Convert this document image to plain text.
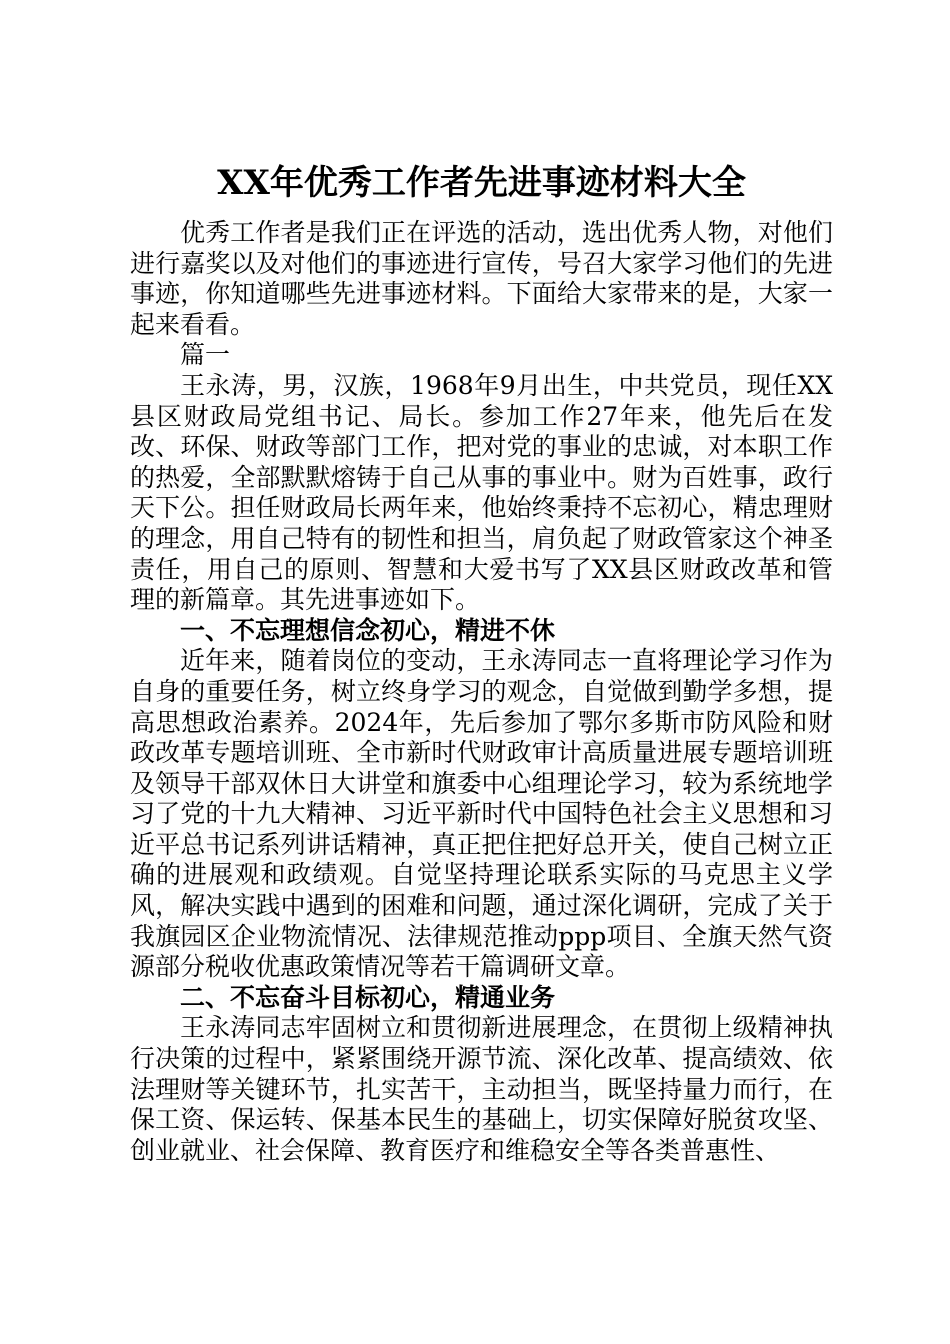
XX年优秀工作者先进事迹材料大全

优秀工作者是我们正在评选的活动，选出优秀人物，对他们进行嘉奖以及对他们的事迹进行宣传，号召大家学习他们的先进事迹，你知道哪些先进事迹材料。下面给大家带来的是，大家一起来看看。

篇一

王永涛，男，汉族，1968年9月出生，中共党员，现任XX县区财政局党组书记、局长。参加工作27年来，他先后在发改、环保、财政等部门工作，把对党的事业的忠诚，对本职工作的热爱，全部默默熔铸于自己从事的事业中。财为百姓事，政行天下公。担任财政局长两年来，他始终秉持不忘初心，精忠理财的理念，用自己特有的韧性和担当，肩负起了财政管家这个神圣责任，用自己的原则、智慧和大爱书写了XX县区财政改革和管理的新篇章。其先进事迹如下。

一、不忘理想信念初心，精进不休

近年来，随着岗位的变动，王永涛同志一直将理论学习作为自身的重要任务，树立终身学习的观念，自觉做到勤学多想，提高思想政治素养。2024年，先后参加了鄂尔多斯市防风险和财政改革专题培训班、全市新时代财政审计高质量进展专题培训班及领导干部双休日大讲堂和旗委中心组理论学习，较为系统地学习了党的十九大精神、习近平新时代中国特色社会主义思想和习近平总书记系列讲话精神，真正把住把好总开关，使自己树立正确的进展观和政绩观。自觉坚持理论联系实际的马克思主义学风，解决实践中遇到的困难和问题，通过深化调研，完成了关于我旗园区企业物流情况、法律规范推动ppp项目、全旗天然气资源部分税收优惠政策情况等若干篇调研文章。

二、不忘奋斗目标初心，精通业务

王永涛同志牢固树立和贯彻新进展理念，在贯彻上级精神执行决策的过程中，紧紧围绕开源节流、深化改革、提高绩效、依法理财等关键环节，扎实苦干，主动担当，既坚持量力而行，在保工资、保运转、保基本民生的基础上，切实保障好脱贫攻坚、创业就业、社会保障、教育医疗和维稳安全等各类普惠性、
